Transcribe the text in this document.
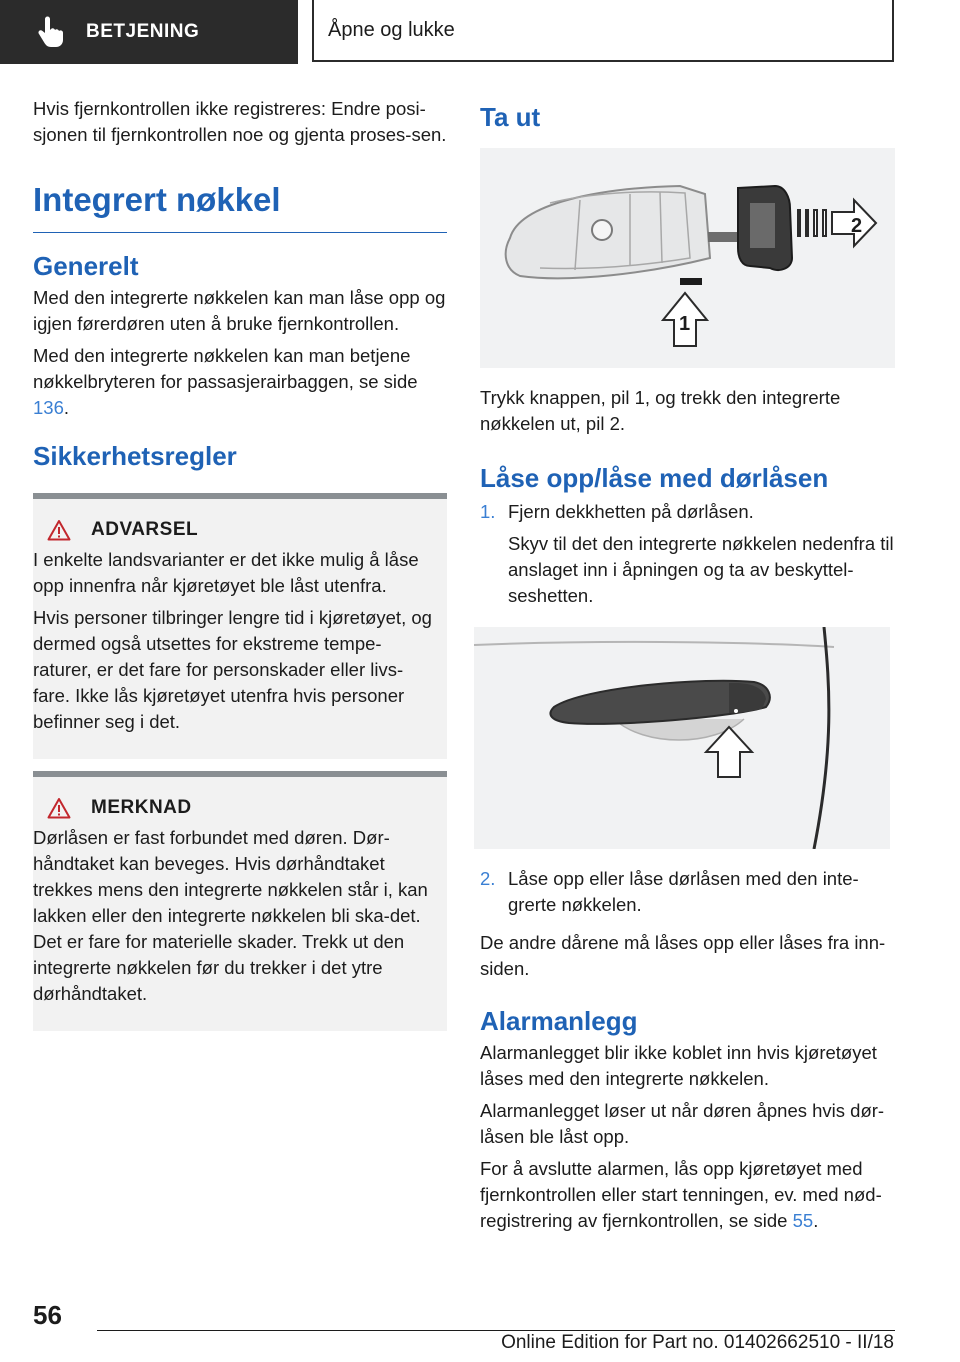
BETJENING	Åpne og lukke

Hvis fjernkontrollen ikke registreres: Endre posi-sjonen til fjernkontrollen noe og gjenta proses-sen.

Integrert nøkkel
Generelt

Med den integrerte nøkkelen kan man låse opp og igjen førerdøren uten å bruke fjernkontrollen.

Med den integrerte nøkkelen kan man betjene nøkkelbryteren for passasjerairbaggen, se side 136.

Sikkerhetsregler
ADVARSEL

I enkelte landsvarianter er det ikke mulig å låse opp innenfra når kjøretøyet ble låst utenfra.

Hvis personer tilbringer lengre tid i kjøretøyet, og dermed også utsettes for ekstreme tempe-raturer, er det fare for personskader eller livs-fare. Ikke lås kjøretøyet utenfra hvis personer befinner seg i det.

MERKNAD

Dørlåsen er fast forbundet med døren. Dør-håndtaket kan beveges. Hvis dørhåndtaket trekkes mens den integrerte nøkkelen står i, kan lakken eller den integrerte nøkkelen bli ska-det. Det er fare for materielle skader. Trekk ut den integrerte nøkkelen før du trekker i det ytre dørhåndtaket.

Ta ut
2
1

Trykk knappen, pil 1, og trekk den integrerte nøkkelen ut, pil 2.

Låse opp/låse med dørlåsen
1. Fjern dekkhetten på dørlåsen.

Skyv til det den integrerte nøkkelen nedenfra til anslaget inn i åpningen og ta av beskyttel-seshetten.

2. Låse opp eller låse dørlåsen med den inte-grerte nøkkelen.

De andre dårene må låses opp eller låses fra inn-siden.

Alarmanlegg

Alarmanlegget blir ikke koblet inn hvis kjøretøyet låses med den integrerte nøkkelen.

Alarmanlegget løser ut når døren åpnes hvis dør-låsen ble låst opp.

For å avslutte alarmen, lås opp kjøretøyet med fjernkontrollen eller start tenningen, ev. med nød-registrering av fjernkontrollen, se side 55.

56
Online Edition for Part no. 01402662510 - II/18
